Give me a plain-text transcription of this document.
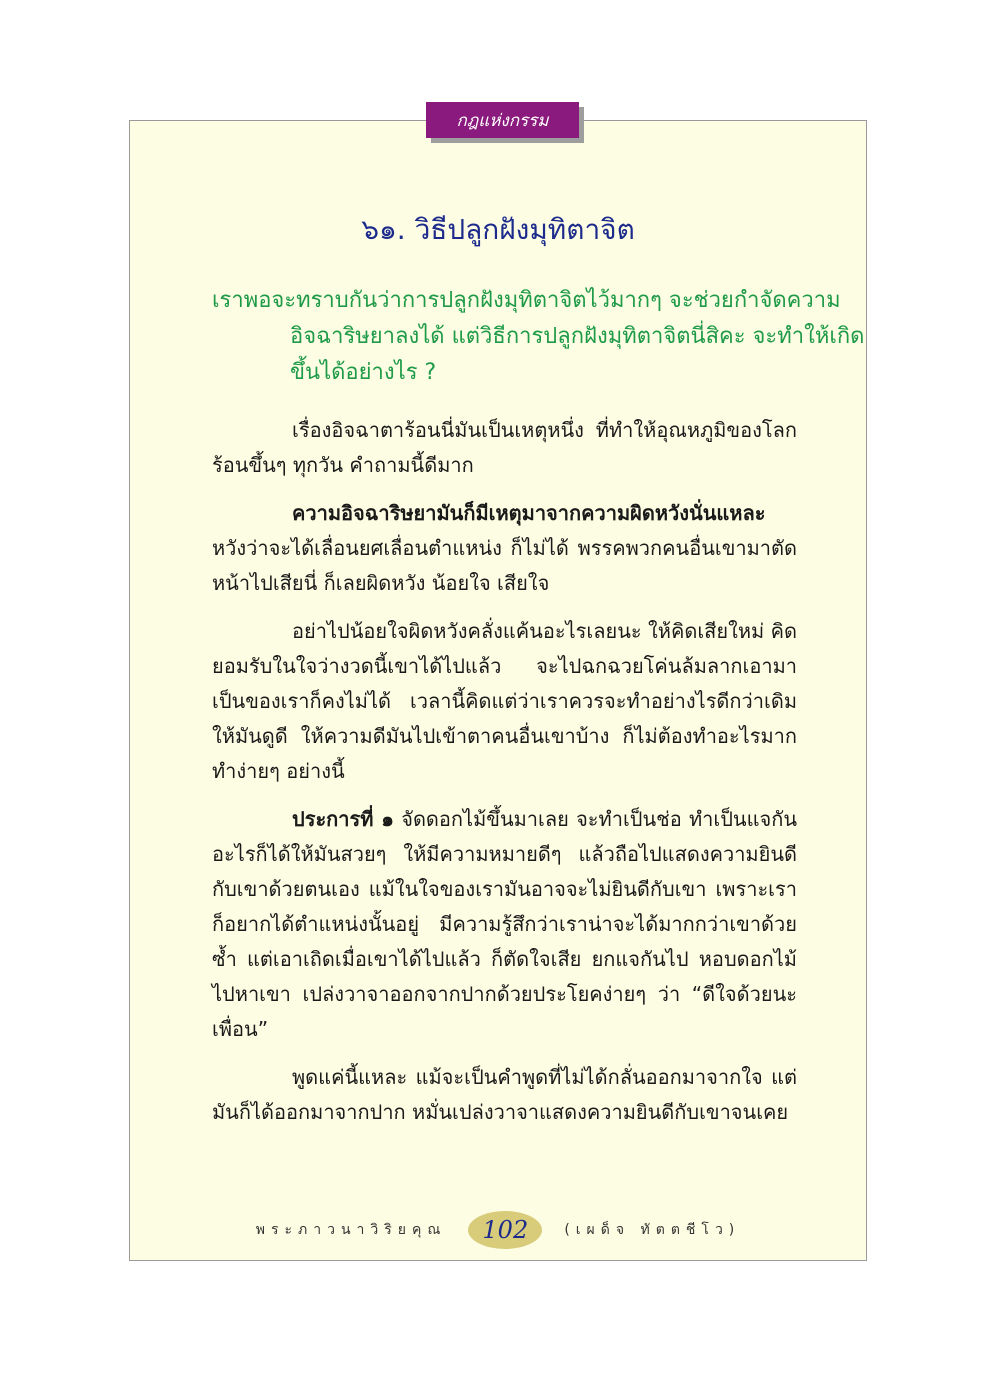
กฎแห่งกรรม
๖๑. วิธีปลูกฝังมุทิตาจิต

เราพอจะทราบกันว่าการปลูกฝังมุทิตาจิตไว้มากๆ จะช่วยกำจัดความอิจฉาริษยาลงได้ แต่วิธีการปลูกฝังมุทิตาจิตนี่สิคะ จะทำให้เกิดขึ้นได้อย่างไร ?

เรื่องอิจฉาตาร้อนนี่มันเป็นเหตุหนึ่ง ที่ทำให้อุณหภูมิของโลกร้อนขึ้นๆ ทุกวัน คำถามนี้ดีมาก

ความอิจฉาริษยามันก็มีเหตุมาจากความผิดหวังนั่นแหละ หวังว่าจะได้เลื่อนยศเลื่อนตำแหน่ง ก็ไม่ได้ พรรคพวกคนอื่นเขามาตัดหน้าไปเสียนี่ ก็เลยผิดหวัง น้อยใจ เสียใจ

อย่าไปน้อยใจผิดหวังคลั่งแค้นอะไรเลยนะ ให้คิดเสียใหม่ คิดยอมรับในใจว่างวดนี้เขาได้ไปแล้ว จะไปฉกฉวยโค่นล้มลากเอามาเป็นของเราก็คงไม่ได้ เวลานี้คิดแต่ว่าเราควรจะทำอย่างไรดีกว่าเดิม ให้มันดูดี ให้ความดีมันไปเข้าตาคนอื่นเขาบ้าง ก็ไม่ต้องทำอะไรมาก ทำง่ายๆ อย่างนี้

ประการที่ ๑ จัดดอกไม้ขึ้นมาเลย จะทำเป็นช่อ ทำเป็นแจกัน อะไรก็ได้ให้มันสวยๆ ให้มีความหมายดีๆ แล้วถือไปแสดงความยินดีกับเขาด้วยตนเอง แม้ในใจของเรามันอาจจะไม่ยินดีกับเขา เพราะเราก็อยากได้ตำแหน่งนั้นอยู่ มีความรู้สึกว่าเราน่าจะได้มากกว่าเขาด้วยซ้ำ แต่เอาเถิดเมื่อเขาได้ไปแล้ว ก็ตัดใจเสีย ยกแจกันไป หอบดอกไม้ไปหาเขา เปล่งวาจาออกจากปากด้วยประโยคง่ายๆ ว่า “ดีใจด้วยนะเพื่อน”

พูดแค่นี้แหละ แม้จะเป็นคำพูดที่ไม่ได้กลั่นออกมาจากใจ แต่มันก็ได้ออกมาจากปาก หมั่นเปล่งวาจาแสดงความยินดีกับเขาจนเคย

พระภาวนาวิริยคุณ 102	(เผด็จ ทัตตชีโว)
